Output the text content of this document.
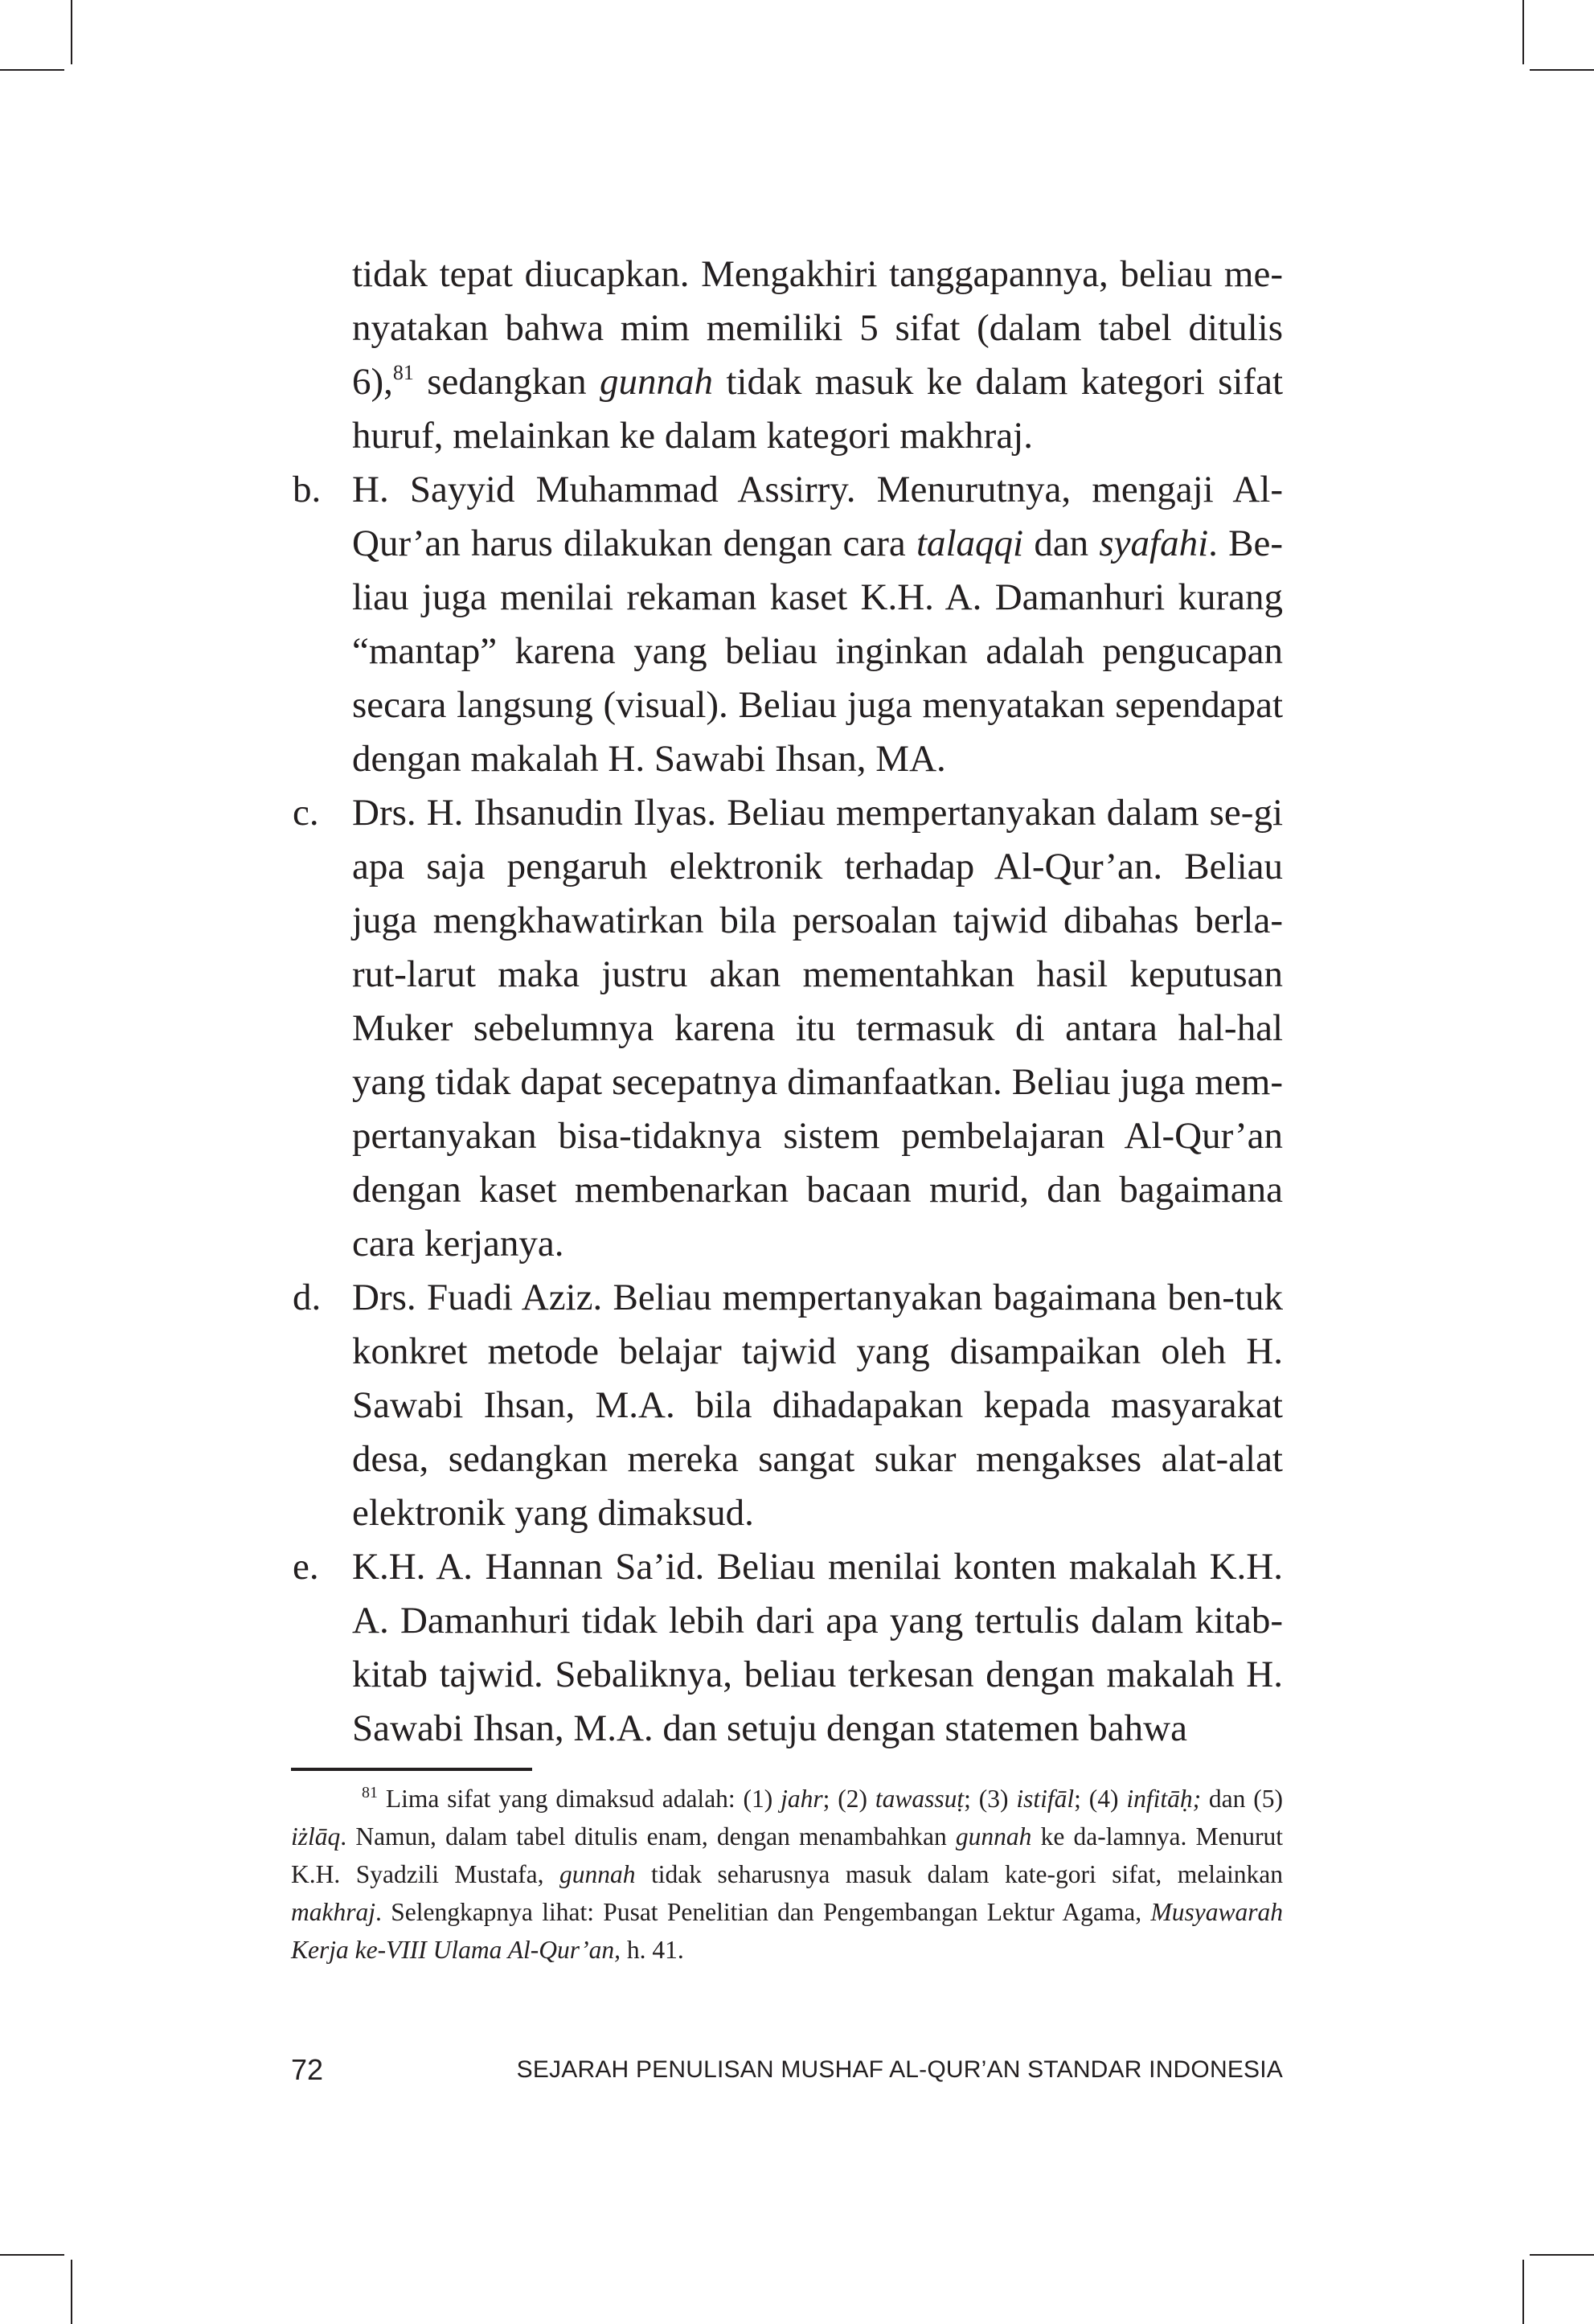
tidak tepat diucapkan. Mengakhiri tanggapannya, beliau me-nyatakan bahwa mim memiliki 5 sifat (dalam tabel ditulis 6),$^{81}$ sedangkan gunnah tidak masuk ke dalam kategori sifat huruf, melainkan ke dalam kategori makhraj.

b. H. Sayyid Muhammad Assirry. Menurutnya, mengaji Al-Qur’an harus dilakukan dengan cara talaqqi dan syafahi. Be-liau juga menilai rekaman kaset K.H. A. Damanhuri kurang “mantap” karena yang beliau inginkan adalah pengucapan secara langsung (visual). Beliau juga menyatakan sependapat dengan makalah H. Sawabi Ihsan, MA.
c. Drs. H. Ihsanudin Ilyas. Beliau mempertanyakan dalam se-gi apa saja pengaruh elektronik terhadap Al-Qur’an. Beliau juga mengkhawatirkan bila persoalan tajwid dibahas berla-rut-larut maka justru akan mementahkan hasil keputusan Muker sebelumnya karena itu termasuk di antara hal-hal yang tidak dapat secepatnya dimanfaatkan. Beliau juga mem-pertanyakan bisa-tidaknya sistem pembelajaran Al-Qur’an dengan kaset membenarkan bacaan murid, dan bagaimana cara kerjanya.
d. Drs. Fuadi Aziz. Beliau mempertanyakan bagaimana ben-tuk konkret metode belajar tajwid yang disampaikan oleh H. Sawabi Ihsan, M.A. bila dihadapakan kepada masyarakat desa, sedangkan mereka sangat sukar mengakses alat-alat elektronik yang dimaksud.
e. K.H. A. Hannan Sa’id. Beliau menilai konten makalah K.H. A. Damanhuri tidak lebih dari apa yang tertulis dalam kitab-kitab tajwid. Sebaliknya, beliau terkesan dengan makalah H. Sawabi Ihsan, M.A. dan setuju dengan statemen bahwa

$^{81}$ Lima sifat yang dimaksud adalah: (1) jahr; (2) tawassuṭ; (3) istifāl; (4) infitāḥ; dan (5) iżlāq. Namun, dalam tabel ditulis enam, dengan menambahkan gunnah ke da-lamnya. Menurut K.H. Syadzili Mustafa, gunnah tidak seharusnya masuk dalam kate-gori sifat, melainkan makhraj. Selengkapnya lihat: Pusat Penelitian dan Pengembangan Lektur Agama, Musyawarah Kerja ke-VIII Ulama Al-Qur’an, h. 41.

72	SEJARAH PENULISAN MUSHAF AL-QUR’AN STANDAR INDONESIA
